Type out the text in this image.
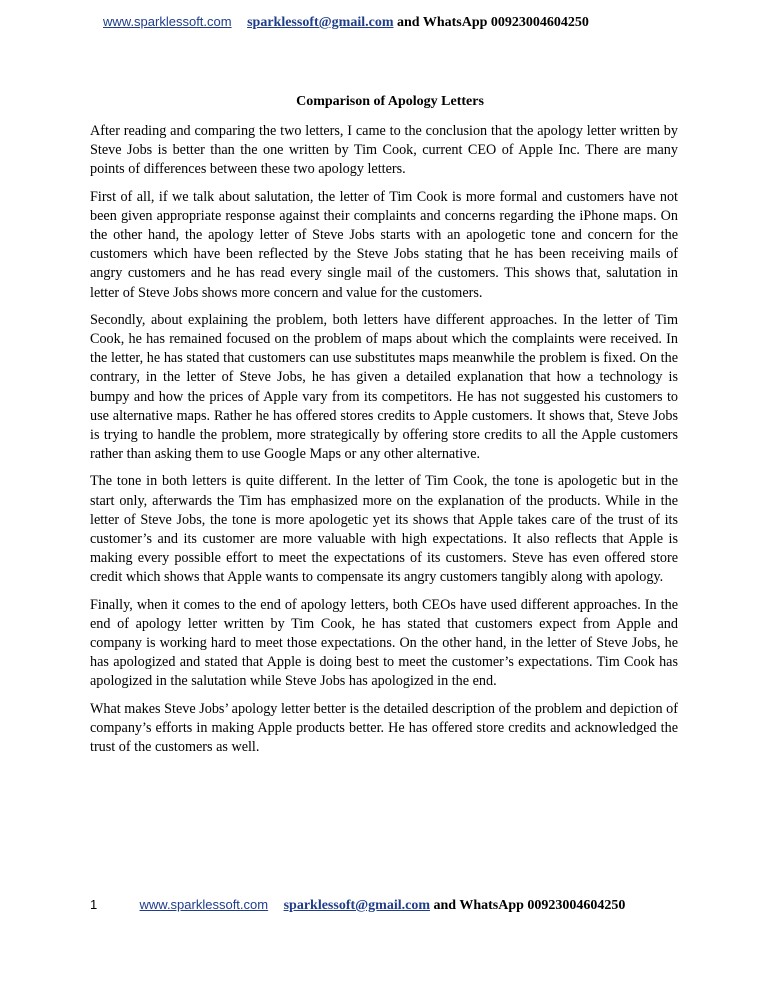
www.sparklessoft.com sparklessoft@gmail.com and WhatsApp 00923004604250
Comparison of Apology Letters

After reading and comparing the two letters, I came to the conclusion that the apology letter written by Steve Jobs is better than the one written by Tim Cook, current CEO of Apple Inc. There are many points of differences between these two apology letters.

First of all, if we talk about salutation, the letter of Tim Cook is more formal and customers have not been given appropriate response against their complaints and concerns regarding the iPhone maps. On the other hand, the apology letter of Steve Jobs starts with an apologetic tone and concern for the customers which have been reflected by the Steve Jobs stating that he has been receiving mails of angry customers and he has read every single mail of the customers. This shows that, salutation in letter of Steve Jobs shows more concern and value for the customers.

Secondly, about explaining the problem, both letters have different approaches. In the letter of Tim Cook, he has remained focused on the problem of maps about which the complaints were received. In the letter, he has stated that customers can use substitutes maps meanwhile the problem is fixed. On the contrary, in the letter of Steve Jobs, he has given a detailed explanation that how a technology is bumpy and how the prices of Apple vary from its competitors. He has not suggested his customers to use alternative maps. Rather he has offered stores credits to Apple customers. It shows that, Steve Jobs is trying to handle the problem, more strategically by offering store credits to all the Apple customers rather than asking them to use Google Maps or any other alternative.

The tone in both letters is quite different. In the letter of Tim Cook, the tone is apologetic but in the start only, afterwards the Tim has emphasized more on the explanation of the products. While in the letter of Steve Jobs, the tone is more apologetic yet its shows that Apple takes care of the trust of its customer’s and its customer are more valuable with high expectations. It also reflects that Apple is making every possible effort to meet the expectations of its customers. Steve has even offered store credit which shows that Apple wants to compensate its angry customers tangibly along with apology.

Finally, when it comes to the end of apology letters, both CEOs have used different approaches. In the end of apology letter written by Tim Cook, he has stated that customers expect from Apple and company is working hard to meet those expectations. On the other hand, in the letter of Steve Jobs, he has apologized and stated that Apple is doing best to meet the customer’s expectations. Tim Cook has apologized in the salutation while Steve Jobs has apologized in the end.

What makes Steve Jobs’ apology letter better is the detailed description of the problem and depiction of company’s efforts in making Apple products better. He has offered store credits and acknowledged the trust of the customers as well.

1	www.sparklessoft.com sparklessoft@gmail.com and WhatsApp 00923004604250
